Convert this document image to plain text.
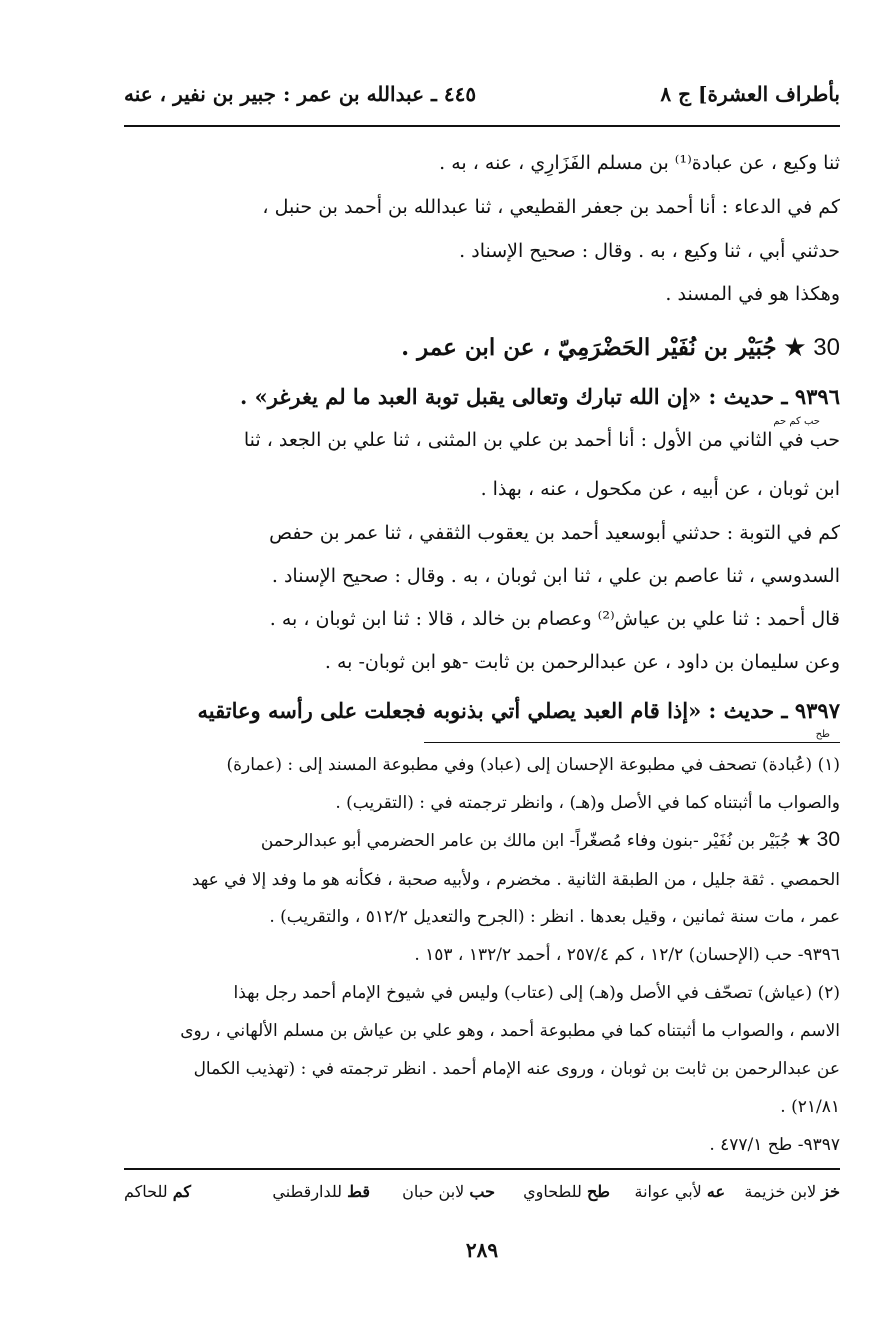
بأطراف العشرة] ج ٨
٤٤٥ ـ عبدالله بن عمر : جبير بن نفير ، عنه
ثنا وكيع ، عن عبادة⁽¹⁾ بن مسلم الفَزَارِي ، عنه ، به .
كم في الدعاء : أنا أحمد بن جعفر القطيعي ، ثنا عبدالله بن أحمد بن حنبل ،
حدثني أبي ، ثنا وكيع ، به . وقال : صحيح الإسناد .
وهكذا هو في المسند .
30 ★ جُبَيْر بن نُفَيْر الحَضْرَمِيّ ، عن ابن عمر .
٩٣٩٦ ـ حديث : «إن الله تبارك وتعالى يقبل توبة العبد ما لم يغرغر» .
حب كم حم
حب في الثاني من الأول : أنا أحمد بن علي بن المثنى ، ثنا علي بن الجعد ، ثنا
ابن ثوبان ، عن أبيه ، عن مكحول ، عنه ، بهذا .
كم في التوبة : حدثني أبوسعيد أحمد بن يعقوب الثقفي ، ثنا عمر بن حفص
السدوسي ، ثنا عاصم بن علي ، ثنا ابن ثوبان ، به . وقال : صحيح الإسناد .
قال أحمد : ثنا علي بن عياش⁽²⁾ وعصام بن خالد ، قالا : ثنا ابن ثوبان ، به .
وعن سليمان بن داود ، عن عبدالرحمن بن ثابت -هو ابن ثوبان- به .
٩٣٩٧ ـ حديث : «إذا قام العبد يصلي أتي بذنوبه فجعلت على رأسه وعاتقيه
طح
(١) (عُبادة) تصحف في مطبوعة الإحسان إلى (عباد) وفي مطبوعة المسند إلى : (عمارة)
والصواب ما أثبتناه كما في الأصل و(هـ) ، وانظر ترجمته في : (التقريب) .
30 ★ جُبَيْر بن نُفَيْر -بنون وفاء مُصغّراً- ابن مالك بن عامر الحضرمي أبو عبدالرحمن
الحمصي . ثقة جليل ، من الطبقة الثانية . مخضرم ، ولأبيه صحبة ، فكأنه هو ما وفد إلا في عهد
عمر ، مات سنة ثمانين ، وقيل بعدها . انظر : (الجرح والتعديل ٥١٢/٢ ، والتقريب) .
٩٣٩٦- حب (الإحسان) ١٢/٢ ، كم ٢٥٧/٤ ، أحمد ١٣٢/٢ ، ١٥٣ .
(٢) (عياش) تصحّف في الأصل و(هـ) إلى (عتاب) وليس في شيوخ الإمام أحمد رجل بهذا
الاسم ، والصواب ما أثبتناه كما في مطبوعة أحمد ، وهو علي بن عياش بن مسلم الألهاني ، روى
عن عبدالرحمن بن ثابت بن ثوبان ، وروى عنه الإمام أحمد . انظر ترجمته في : (تهذيب الكمال
٢١/٨١) .
٩٣٩٧- طح ٤٧٧/١ .
خز لابن خزيمة
عه لأبي عوانة
طح للطحاوي
حب لابن حبان
قط للدارقطني
كم للحاكم
٢٨٩
